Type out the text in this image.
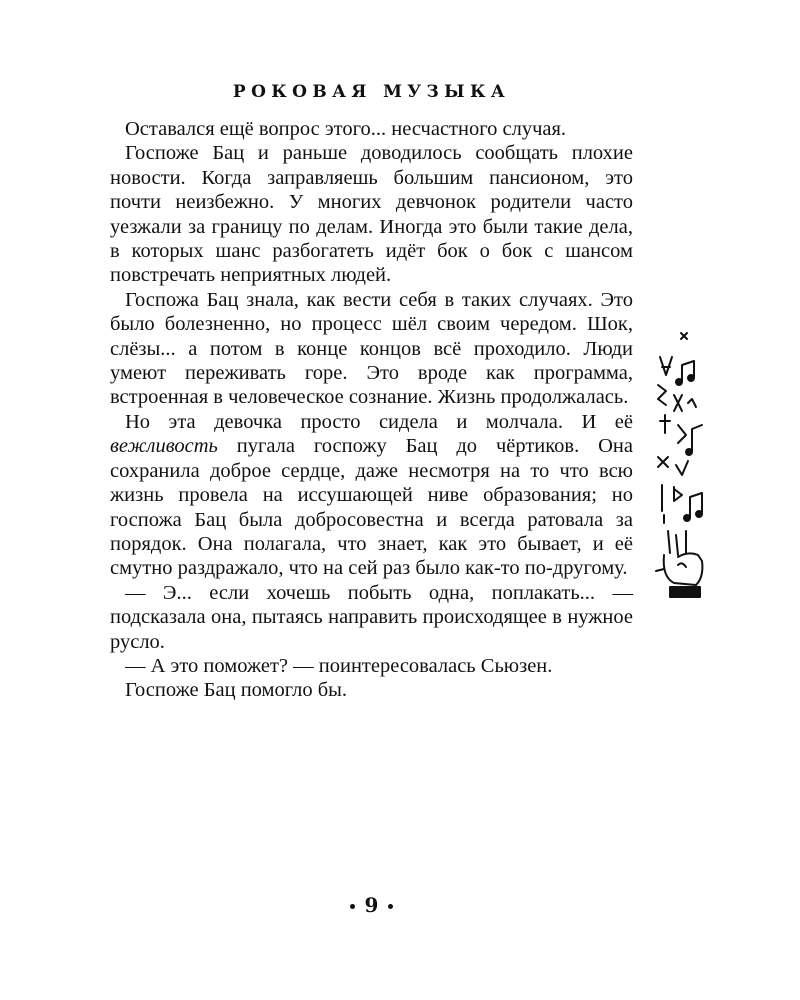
РОКОВАЯ МУЗЫКА

Оставался ещё вопрос этого... несчастного случая.

Госпоже Бац и раньше доводилось сообщать плохие новости. Когда заправляешь большим пансионом, это почти неизбежно. У многих девчонок родители часто уезжали за границу по делам. Иногда это были такие дела, в которых шанс разбогатеть идёт бок о бок с шансом повстречать неприятных людей.

Госпожа Бац знала, как вести себя в таких случаях. Это было болезненно, но процесс шёл своим чередом. Шок, слёзы... а потом в конце концов всё проходило. Люди умеют переживать горе. Это вроде как программа, встроенная в человеческое сознание. Жизнь продолжалась.

Но эта девочка просто сидела и молчала. И её вежливость пугала госпожу Бац до чёртиков. Она сохранила доброе сердце, даже несмотря на то что всю жизнь провела на иссушающей ниве образования; но госпожа Бац была добросовестна и всегда ратовала за порядок. Она полагала, что знает, как это бывает, и её смутно раздражало, что на сей раз было как-то по-другому.

— Э... если хочешь побыть одна, поплакать... — подсказала она, пытаясь направить происходящее в нужное русло.

— А это поможет? — поинтересовалась Сьюзен.

Госпоже Бац помогло бы.

9
